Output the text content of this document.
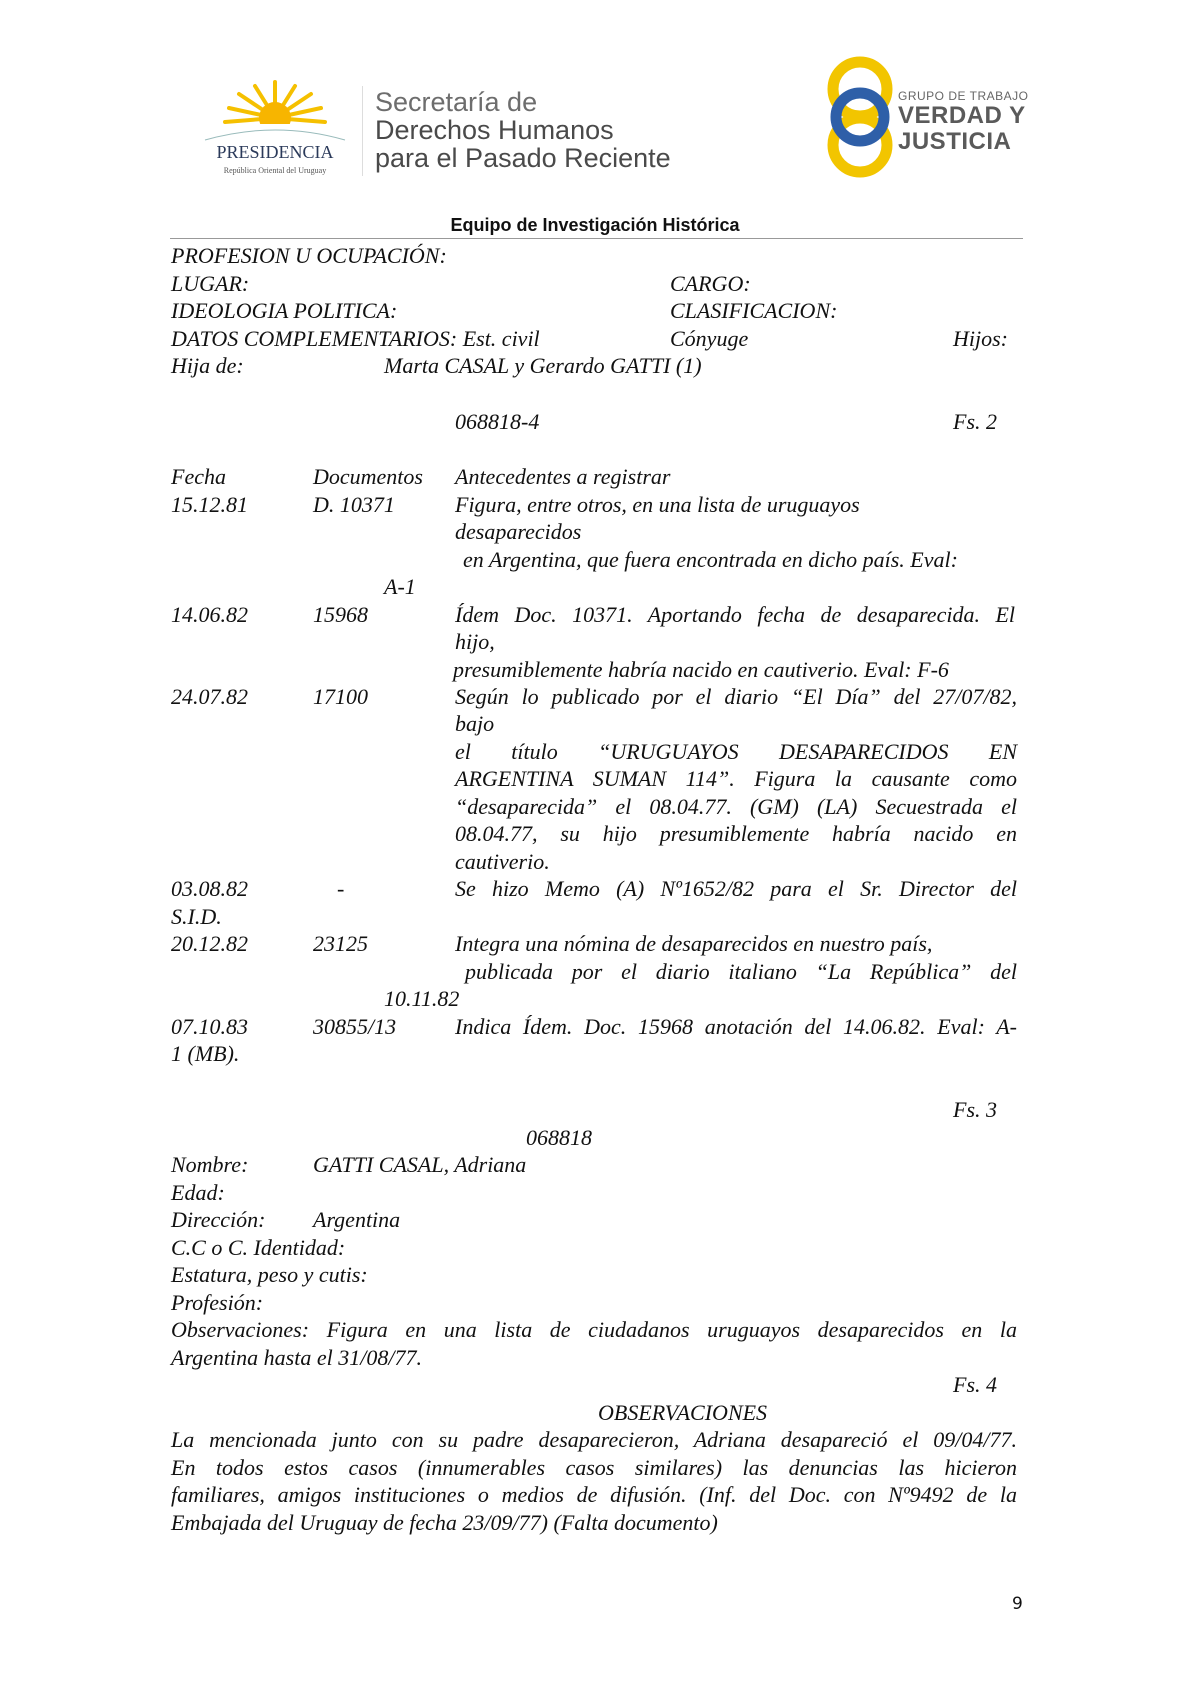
PRESIDENCIA
República Oriental del Uruguay
Secretaría de
Derechos Humanos
para el Pasado Reciente
GRUPO DE TRABAJO
VERDAD Y
JUSTICIA
Equipo de Investigación Histórica
PROFESION U OCUPACIÓN:
LUGAR:	CARGO:
IDEOLOGIA POLITICA:	CLASIFICACION:
DATOS COMPLEMENTARIOS: Est. civil	Cónyuge	Hijos:
Hija de:	Marta CASAL y Gerardo GATTI (1)
068818-4	Fs. 2
Fecha	Documentos Antecedentes a registrar
15.12.81	D. 10371	Figura, entre otros, en una lista de uruguayos
desaparecidos
en Argentina, que fuera encontrada en dicho país. Eval:
A-1
14.06.82	15968	Ídem Doc. 10371. Aportando fecha de desaparecida. El
hijo,
presumiblemente habría nacido en cautiverio. Eval: F-6
24.07.82	17100	Según lo publicado por el diario “El Día” del 27/07/82,
bajo
el título “URUGUAYOS DESAPARECIDOS EN
ARGENTINA SUMAN 114”. Figura la causante como
“desaparecida” el 08.04.77. (GM) (LA) Secuestrada el
08.04.77, su hijo presumiblemente habría nacido en
cautiverio.
03.08.82	-	Se hizo Memo (A) Nº1652/82 para el Sr. Director del
S.I.D.
20.12.82	23125	Integra una nómina de desaparecidos en nuestro país,
publicada por el diario italiano “La República” del
10.11.82
07.10.83	30855/13	Indica Ídem. Doc. 15968 anotación del 14.06.82. Eval: A-
1 (MB).
Fs. 3
068818
Nombre:	GATTI CASAL, Adriana
Edad:
Dirección: Argentina
C.C o C. Identidad:
Estatura, peso y cutis:
Profesión:
Observaciones: Figura en una lista de ciudadanos uruguayos desaparecidos en la
Argentina hasta el 31/08/77.
Fs. 4
OBSERVACIONES
La mencionada junto con su padre desaparecieron, Adriana desapareció el 09/04/77.
En todos estos casos (innumerables casos similares) las denuncias las hicieron
familiares, amigos instituciones o medios de difusión. (Inf. del Doc. con Nº9492 de la
Embajada del Uruguay de fecha 23/09/77) (Falta documento)
9
